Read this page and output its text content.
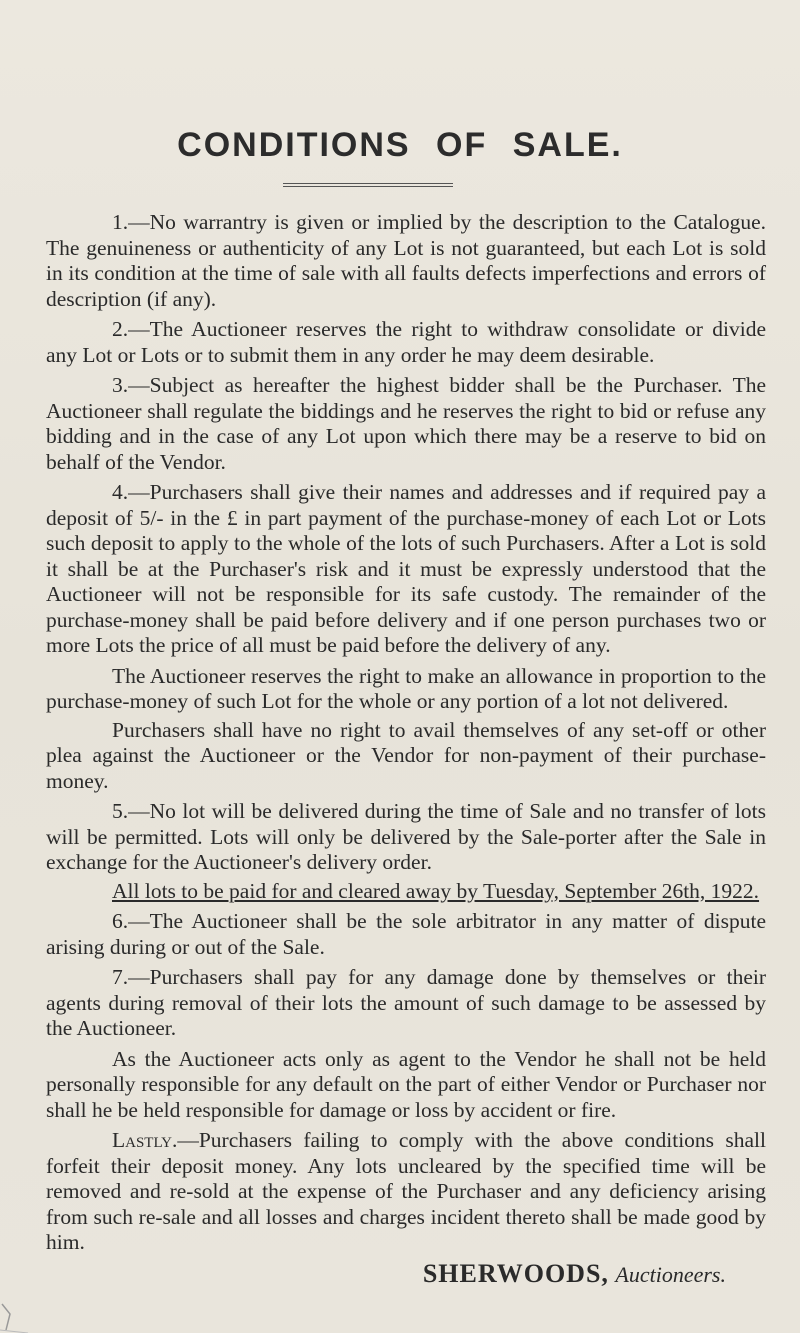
CONDITIONS OF SALE.

1.—No warrantry is given or implied by the description to the Catalogue. The genuineness or authenticity of any Lot is not guaranteed, but each Lot is sold in its condition at the time of sale with all faults defects imperfections and errors of description (if any).

2.—The Auctioneer reserves the right to withdraw consolidate or divide any Lot or Lots or to submit them in any order he may deem desirable.

3.—Subject as hereafter the highest bidder shall be the Purchaser. The Auctioneer shall regulate the biddings and he reserves the right to bid or refuse any bidding and in the case of any Lot upon which there may be a reserve to bid on behalf of the Vendor.

4.—Purchasers shall give their names and addresses and if required pay a deposit of 5/- in the £ in part payment of the purchase-money of each Lot or Lots such deposit to apply to the whole of the lots of such Purchasers. After a Lot is sold it shall be at the Purchaser's risk and it must be expressly understood that the Auctioneer will not be responsible for its safe custody. The remainder of the purchase-money shall be paid before delivery and if one person purchases two or more Lots the price of all must be paid before the delivery of any.

The Auctioneer reserves the right to make an allowance in proportion to the purchase-money of such Lot for the whole or any portion of a lot not delivered.

Purchasers shall have no right to avail themselves of any set-off or other plea against the Auctioneer or the Vendor for non-payment of their purchase-money.

5.—No lot will be delivered during the time of Sale and no transfer of lots will be permitted. Lots will only be delivered by the Sale-porter after the Sale in exchange for the Auctioneer's delivery order.

All lots to be paid for and cleared away by Tuesday, September 26th, 1922.

6.—The Auctioneer shall be the sole arbitrator in any matter of dispute arising during or out of the Sale.

7.—Purchasers shall pay for any damage done by themselves or their agents during removal of their lots the amount of such damage to be assessed by the Auctioneer.

As the Auctioneer acts only as agent to the Vendor he shall not be held personally responsible for any default on the part of either Vendor or Purchaser nor shall he be held responsible for damage or loss by accident or fire.

Lastly.—Purchasers failing to comply with the above conditions shall forfeit their deposit money. Any lots uncleared by the specified time will be removed and re-sold at the expense of the Purchaser and any deficiency arising from such re-sale and all losses and charges incident thereto shall be made good by him.

SHERWOODS, Auctioneers.
